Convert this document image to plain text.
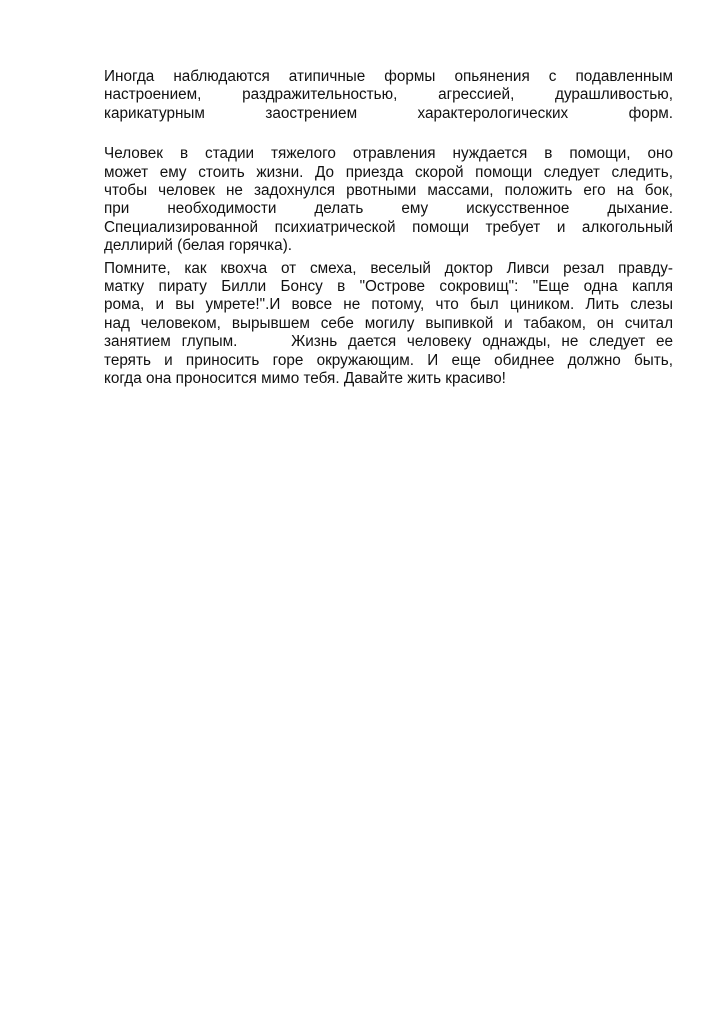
Иногда наблюдаются атипичные формы опьянения с подавленным
настроением, раздражительностью, агрессией, дурашливостью,
карикатурным заострением характерологических форм.

Человек в стадии тяжелого отравления нуждается в помощи, оно
может ему стоить жизни. До приезда скорой помощи следует следить,
чтобы человек не задохнулся рвотными массами, положить его на бок,
при необходимости делать ему искусственное дыхание.
Специализированной психиатрической помощи требует и алкогольный
деллирий (белая горячка).

Помните, как квохча от смеха, веселый доктор Ливси резал правду-
матку пирату Билли Бонсу в "Острове сокровищ": "Еще одна капля
рома, и вы умрете!".И вовсе не потому, что был циником. Лить слезы
над человеком, вырывшем себе могилу выпивкой и табаком, он считал
занятием глупым.     Жизнь дается человеку однажды, не следует ее
терять и приносить горе окружающим. И еще обиднее должно быть,
когда она проносится мимо тебя. Давайте жить красиво!
